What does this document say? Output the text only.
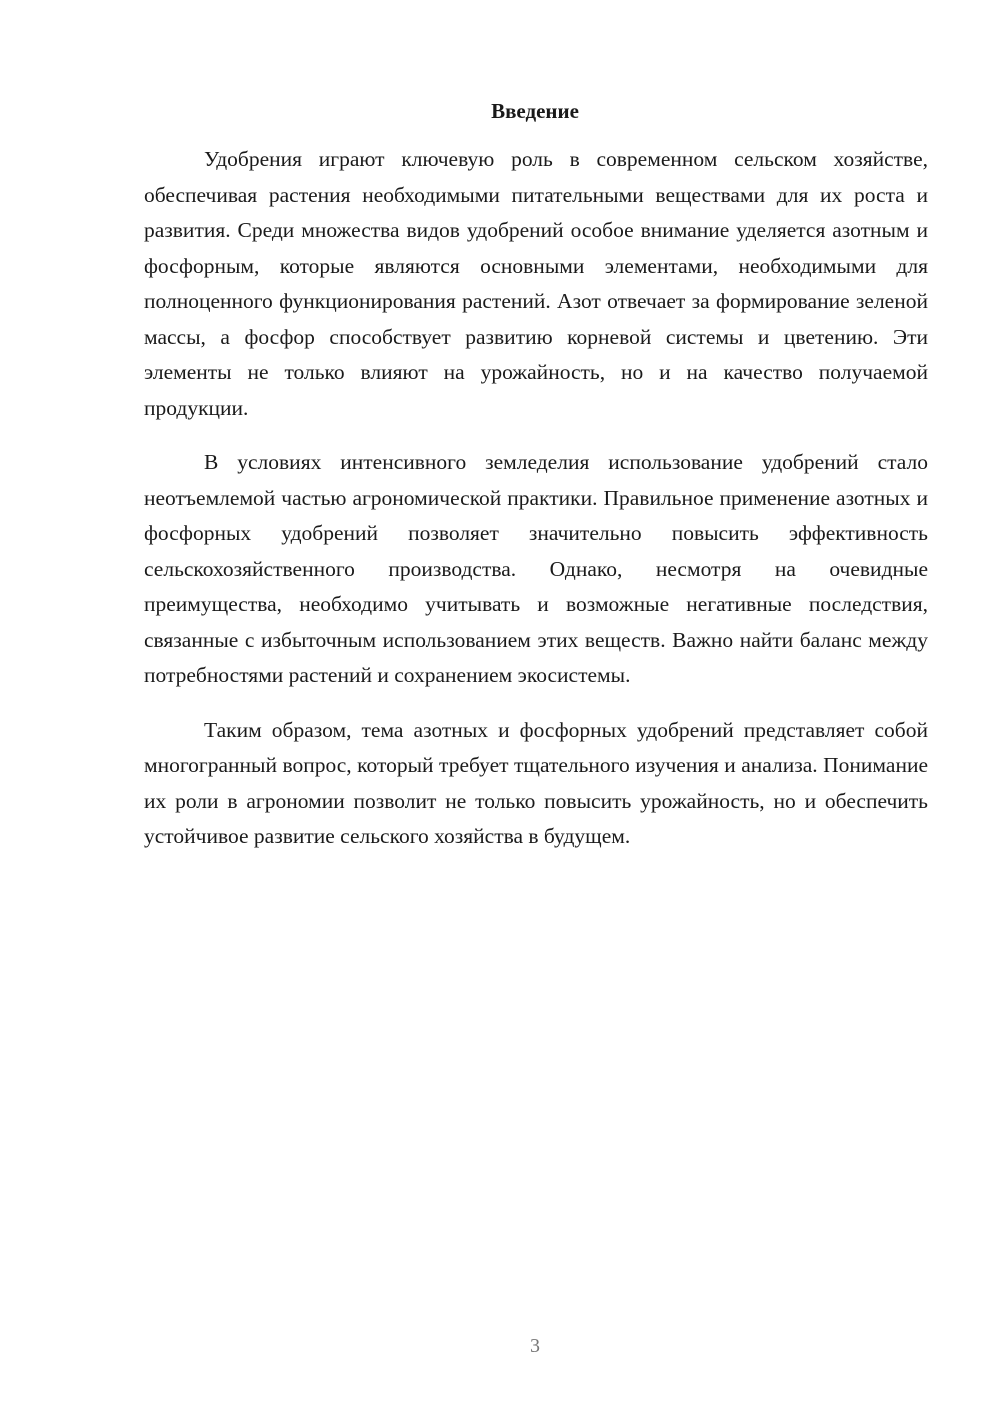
Введение

Удобрения играют ключевую роль в современном сельском хозяйстве, обеспечивая растения необходимыми питательными веществами для их роста и развития. Среди множества видов удобрений особое внимание уделяется азотным и фосфорным, которые являются основными элементами, необходимыми для полноценного функционирования растений. Азот отвечает за формирование зеленой массы, а фосфор способствует развитию корневой системы и цветению. Эти элементы не только влияют на урожайность, но и на качество получаемой продукции.

В условиях интенсивного земледелия использование удобрений стало неотъемлемой частью агрономической практики. Правильное применение азотных и фосфорных удобрений позволяет значительно повысить эффективность сельскохозяйственного производства. Однако, несмотря на очевидные преимущества, необходимо учитывать и возможные негативные последствия, связанные с избыточным использованием этих веществ. Важно найти баланс между потребностями растений и сохранением экосистемы.

Таким образом, тема азотных и фосфорных удобрений представляет собой многогранный вопрос, который требует тщательного изучения и анализа. Понимание их роли в агрономии позволит не только повысить урожайность, но и обеспечить устойчивое развитие сельского хозяйства в будущем.

3
